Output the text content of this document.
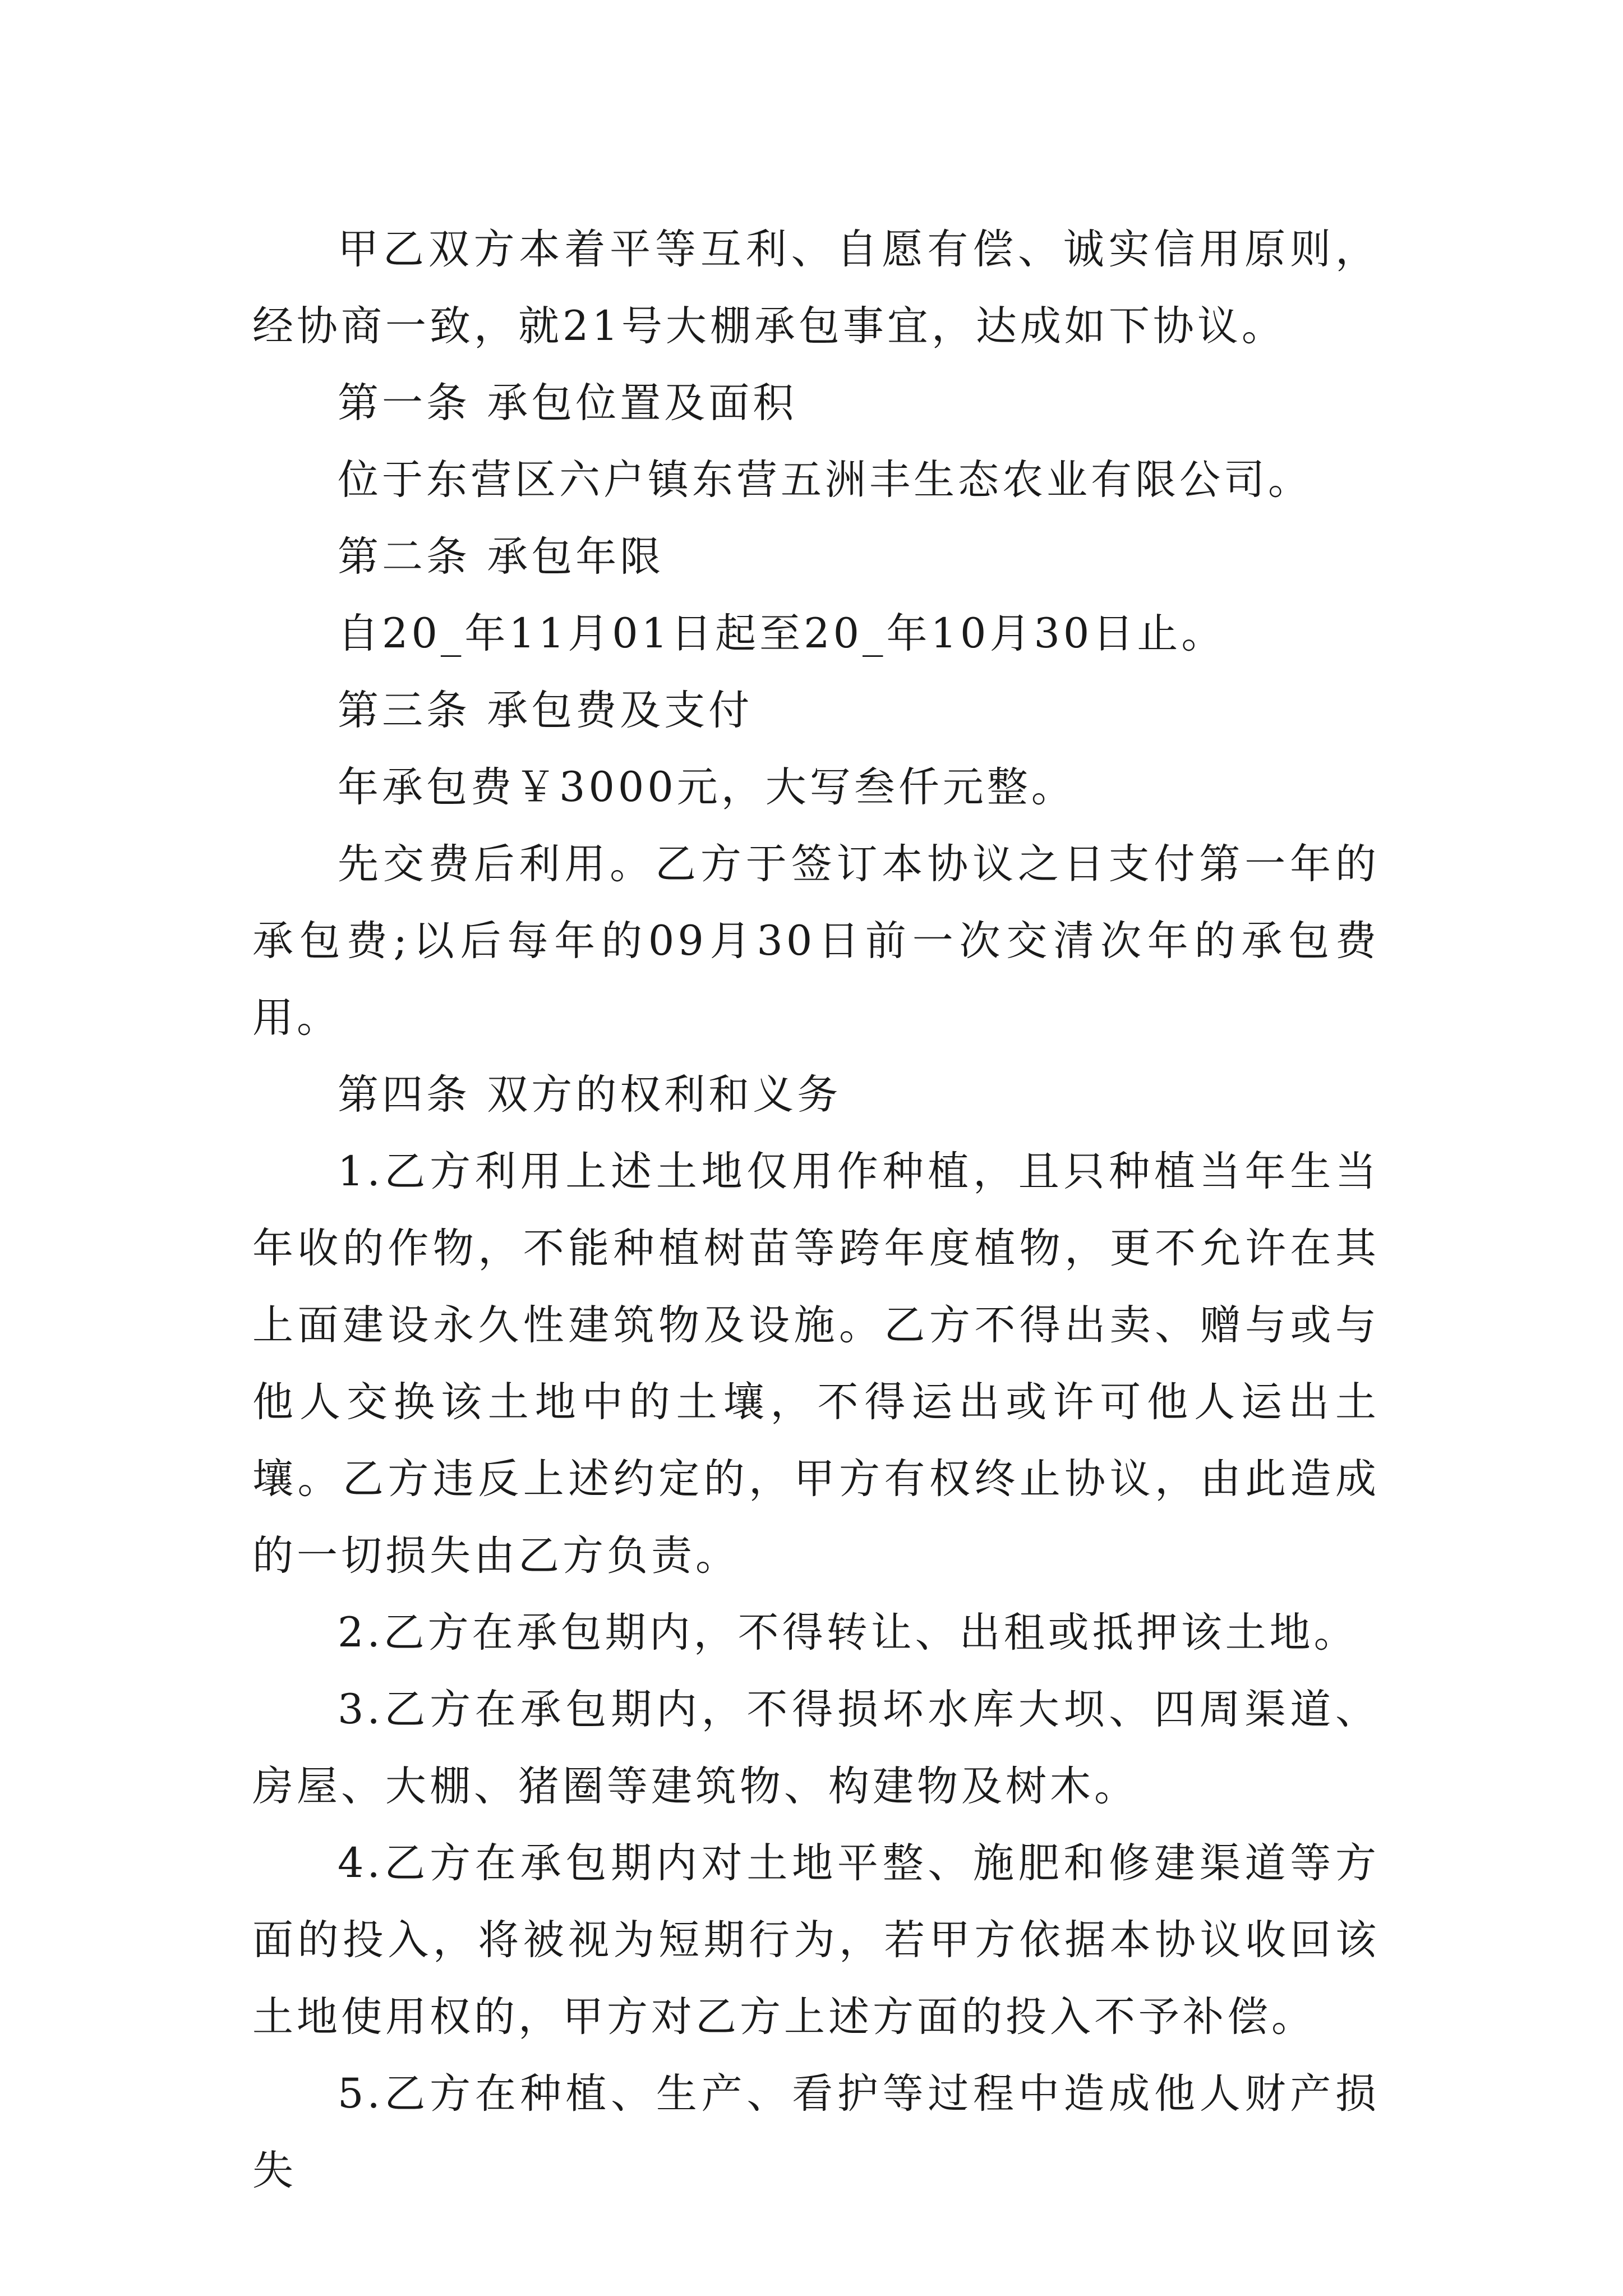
甲乙双方本着平等互利、自愿有偿、诚实信用原则，经协商一致，就21号大棚承包事宜，达成如下协议。

第一条 承包位置及面积

位于东营区六户镇东营五洲丰生态农业有限公司。

第二条 承包年限

自20_年11月01日起至20_年10月30日止。

第三条 承包费及支付

年承包费￥3000元，大写叁仟元整。

先交费后利用。乙方于签订本协议之日支付第一年的承包费;以后每年的09月30日前一次交清次年的承包费用。

第四条 双方的权利和义务

1.乙方利用上述土地仅用作种植，且只种植当年生当年收的作物，不能种植树苗等跨年度植物，更不允许在其上面建设永久性建筑物及设施。乙方不得出卖、赠与或与他人交换该土地中的土壤，不得运出或许可他人运出土壤。乙方违反上述约定的，甲方有权终止协议，由此造成的一切损失由乙方负责。

2.乙方在承包期内，不得转让、出租或抵押该土地。

3.乙方在承包期内，不得损坏水库大坝、四周渠道、房屋、大棚、猪圈等建筑物、构建物及树木。

4.乙方在承包期内对土地平整、施肥和修建渠道等方面的投入，将被视为短期行为，若甲方依据本协议收回该土地使用权的，甲方对乙方上述方面的投入不予补偿。

5.乙方在种植、生产、看护等过程中造成他人财产损失
